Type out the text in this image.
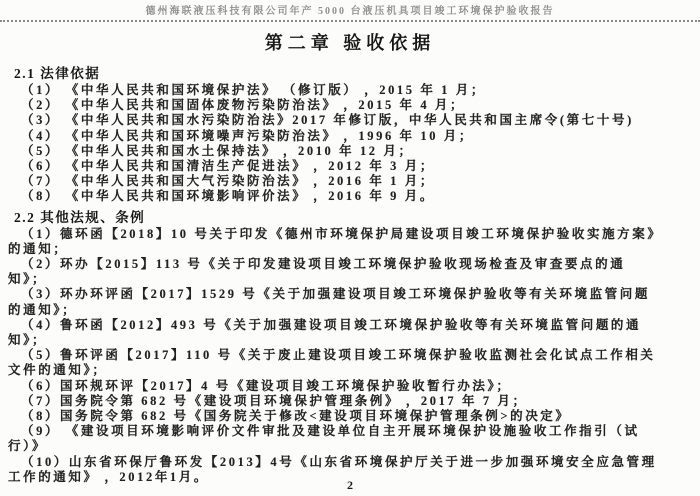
德州海联液压科技有限公司年产 5000 台液压机具项目竣工环境保护验收报告
第二章 验收依据
2.1 法律依据

（1） 《中华人民共和国环境保护法》 （修订版） ，2015 年 1 月；

（2） 《中华人民共和国固体废物污染防治法》 ，2015 年 4 月；

（3） 《中华人民共和国水污染防治法》2017 年修订版，中华人民共和国主席令(第七十号)

（4） 《中华人民共和国环境噪声污染防治法》 ，1996 年 10 月；

（5） 《中华人民共和国水土保持法》 ，2010 年 12 月；

（6） 《中华人民共和国清洁生产促进法》 ，2012 年 3 月；

（7） 《中华人民共和国大气污染防治法》 ，2016 年 1 月；

（8） 《中华人民共和国环境影响评价法》 ，2016 年 9 月。

2.2 其他法规、条例

（1）德环函【2018】10 号关于印发《德州市环境保护局建设项目竣工环境保护验收实施方案》的通知；

（2）环办【2015】113 号《关于印发建设项目竣工环境保护验收现场检查及审查要点的通知》；

（3）环办环评函【2017】1529 号《关于加强建设项目竣工环境保护验收等有关环境监管问题的通知》；

（4）鲁环函【2012】493 号《关于加强建设项目竣工环境保护验收等有关环境监管问题的通知》；

（5）鲁环评函【2017】110 号《关于废止建设项目竣工环境保护验收监测社会化试点工作相关文件的通知》；

（6）国环规环评【2017】4 号《建设项目竣工环境保护验收暂行办法》；

（7）国务院令第 682 号《建设项目环境保护管理条例》 ，2017 年 7 月；

（8）国务院令第 682 号《国务院关于修改<建设项目环境保护管理条例>的决定》

（9） 《建设项目环境影响评价文件审批及建设单位自主开展环境保护设施验收工作指引（试行）》

（10）山东省环保厅鲁环发【2013】4号《山东省环境保护厅关于进一步加强环境安全应急管理工作的通知》 ，2012年1月。

2
